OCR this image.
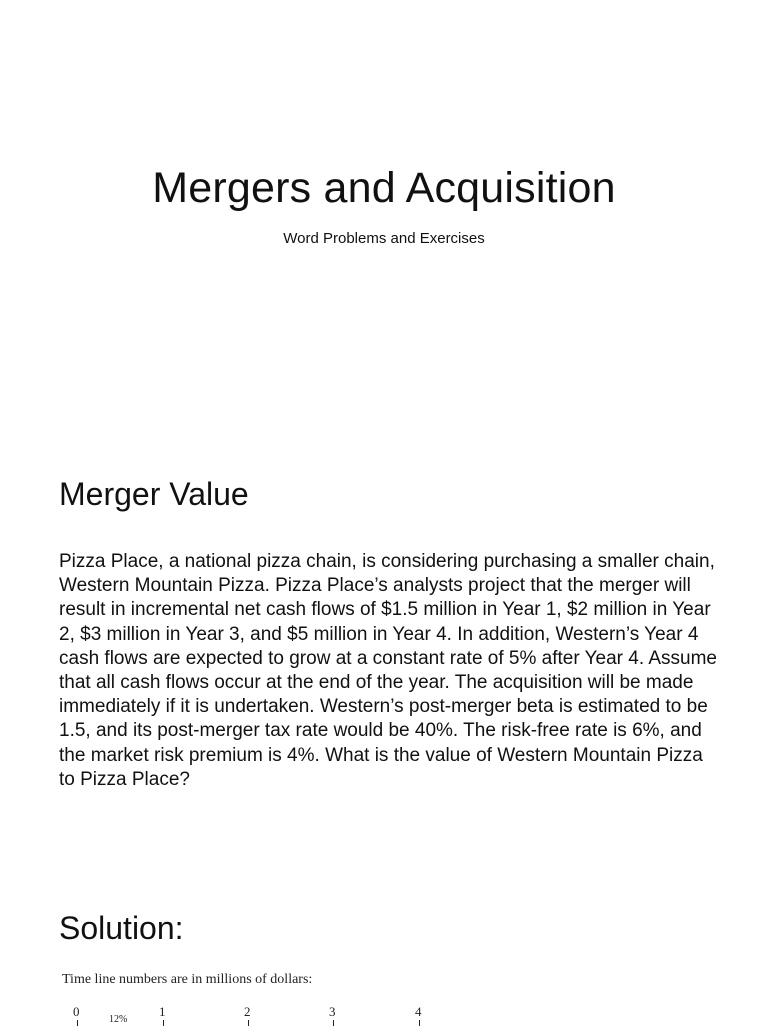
Mergers and Acquisition

Word Problems and Exercises

Merger Value

Pizza Place, a national pizza chain, is considering purchasing a smaller chain, Western Mountain Pizza. Pizza Place’s analysts project that the merger will result in incremental net cash flows of $1.5 million in Year 1, $2 million in Year 2, $3 million in Year 3, and $5 million in Year 4. In addition, Western’s Year 4 cash flows are expected to grow at a constant rate of 5% after Year 4. Assume that all cash flows occur at the end of the year. The acquisition will be made immediately if it is undertaken. Western’s post-merger beta is estimated to be 1.5, and its post-merger tax rate would be 40%. The risk-free rate is 6%, and the market risk premium is 4%. What is the value of Western Mountain Pizza to Pizza Place?

Solution:

Time line numbers are in millions of dollars:

0
12%
1	2	3	4
